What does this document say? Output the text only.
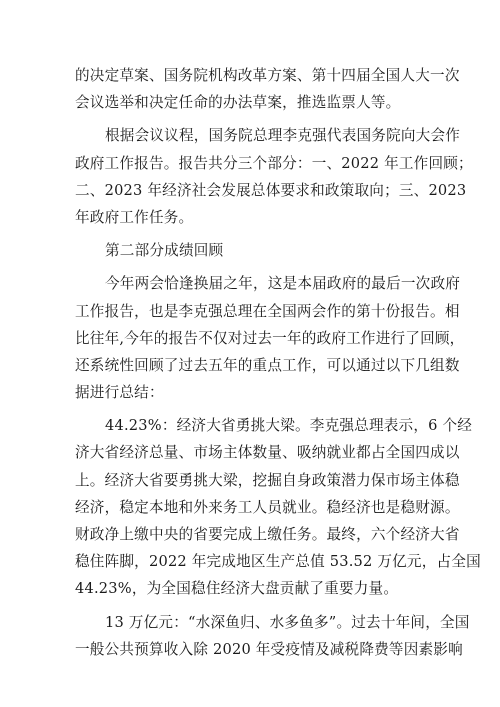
的决定草案、国务院机构改革方案、第十四届全国人大一次
会议选举和决定任命的办法草案，推选监票人等。
根据会议议程，国务院总理李克强代表国务院向大会作
政府工作报告。报告共分三个部分：一、2022 年工作回顾；
二、2023 年经济社会发展总体要求和政策取向；三、2023
年政府工作任务。
第二部分成绩回顾
今年两会恰逢换届之年，这是本届政府的最后一次政府
工作报告，也是李克强总理在全国两会作的第十份报告。相
比往年,今年的报告不仅对过去一年的政府工作进行了回顾，
还系统性回顾了过去五年的重点工作，可以通过以下几组数
据进行总结：
44.23%：经济大省勇挑大梁。李克强总理表示，6 个经
济大省经济总量、市场主体数量、吸纳就业都占全国四成以
上。经济大省要勇挑大梁，挖掘自身政策潜力保市场主体稳
经济，稳定本地和外来务工人员就业。稳经济也是稳财源。
财政净上缴中央的省要完成上缴任务。最终，六个经济大省
稳住阵脚，2022 年完成地区生产总值 53.52 万亿元，占全国
44.23%，为全国稳住经济大盘贡献了重要力量。
13 万亿元：“水深鱼归、水多鱼多”。过去十年间，全国
一般公共预算收入除 2020 年受疫情及减税降费等因素影响
